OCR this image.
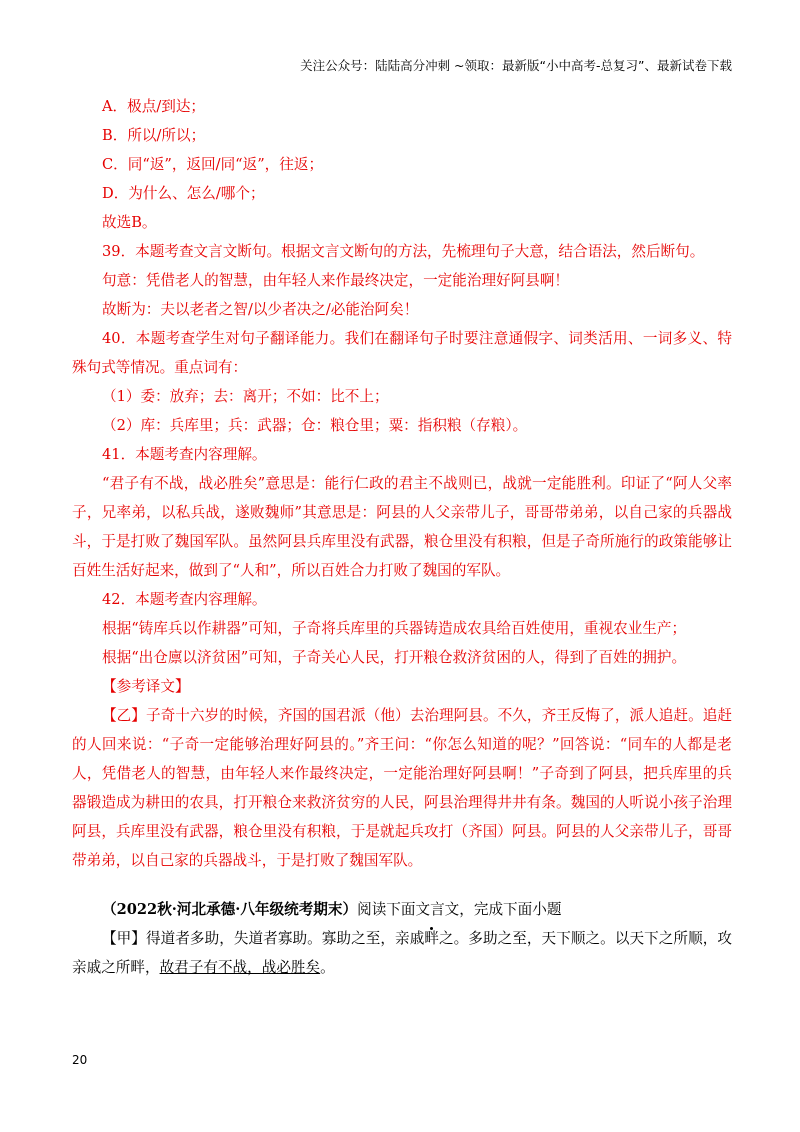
关注公众号：陆陆高分冲刺 ~领取：最新版“小中高考-总复习”、最新试卷下载
A．极点/到达；
B．所以/所以；
C．同“返”，返回/同“返”，往返；
D．为什么、怎么/哪个；
故选B。
39．本题考查文言文断句。根据文言文断句的方法，先梳理句子大意，结合语法，然后断句。
句意：凭借老人的智慧，由年轻人来作最终决定，一定能治理好阿县啊！
故断为：夫以老者之智/以少者决之/必能治阿矣！
40．本题考查学生对句子翻译能力。我们在翻译句子时要注意通假字、词类活用、一词多义、特殊句式等情况。重点词有：
（1）委：放弃；去：离开；不如：比不上；
（2）库：兵库里；兵：武器；仓：粮仓里；粟：指积粮（存粮）。
41．本题考查内容理解。
“君子有不战，战必胜矣”意思是：能行仁政的君主不战则已，战就一定能胜利。印证了“阿人父率子，兄率弟，以私兵战，遂败魏师”其意思是：阿县的人父亲带儿子，哥哥带弟弟，以自己家的兵器战斗，于是打败了魏国军队。虽然阿县兵库里没有武器，粮仓里没有积粮，但是子奇所施行的政策能够让百姓生活好起来，做到了“人和”，所以百姓合力打败了魏国的军队。
42．本题考查内容理解。
根据“铸库兵以作耕器”可知，子奇将兵库里的兵器铸造成农具给百姓使用，重视农业生产；
根据“出仓廪以济贫困”可知，子奇关心人民，打开粮仓救济贫困的人，得到了百姓的拥护。
【参考译文】
【乙】子奇十六岁的时候，齐国的国君派（他）去治理阿县。不久，齐王反悔了，派人追赶。追赶的人回来说：“子奇一定能够治理好阿县的。”齐王问：“你怎么知道的呢？”回答说：“同车的人都是老人，凭借老人的智慧，由年轻人来作最终决定，一定能治理好阿县啊！”子奇到了阿县，把兵库里的兵器锻造成为耕田的农具，打开粮仓来救济贫穷的人民，阿县治理得井井有条。魏国的人听说小孩子治理阿县，兵库里没有武器，粮仓里没有积粮，于是就起兵攻打（齐国）阿县。阿县的人父亲带儿子，哥哥带弟弟，以自己家的兵器战斗，于是打败了魏国军队。
（2022秋·河北承德·八年级统考期末）阅读下面文言文，完成下面小题
【甲】得道者多助，失道者寡助。寡助之至，亲戚畔之。多助之至，天下顺之。以天下之所顺，攻亲戚之所畔，故君子有不战，战必胜矣。
20
